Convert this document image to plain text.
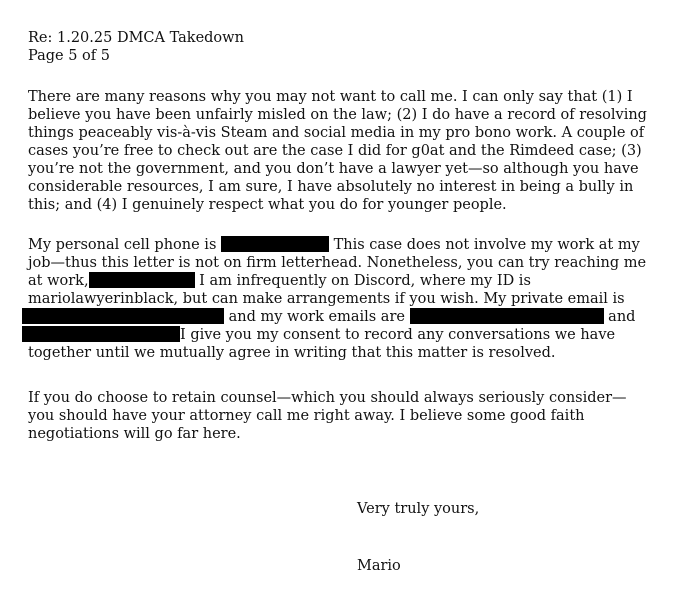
Re: 1.20.25 DMCA Takedown
Page 5 of 5
There are many reasons why you may not want to call me. I can only say that (1) I
believe you have been unfairly misled on the law; (2) I do have a record of resolving
things peaceably vis-à-vis Steam and social media in my pro bono work. A couple of
cases you’re free to check out are the case I did for g0at and the Rimdeed case; (3)
you’re not the government, and you don’t have a lawyer yet—so although you have
considerable resources, I am sure, I have absolutely no interest in being a bully in
this; and (4) I genuinely respect what you do for younger people.
My personal cell phone is	This case does not involve my work at my
job—thus this letter is not on firm letterhead. Nonetheless, you can try reaching me
at work,	I am infrequently on Discord, where my ID is
mariolawyerinblack, but can make arrangements if you wish. My private email is
and my work emails are	and
I give you my consent to record any conversations we have
together until we mutually agree in writing that this matter is resolved.
If you do choose to retain counsel—which you should always seriously consider—
you should have your attorney call me right away. I believe some good faith
negotiations will go far here.
Very truly yours,
Mario
